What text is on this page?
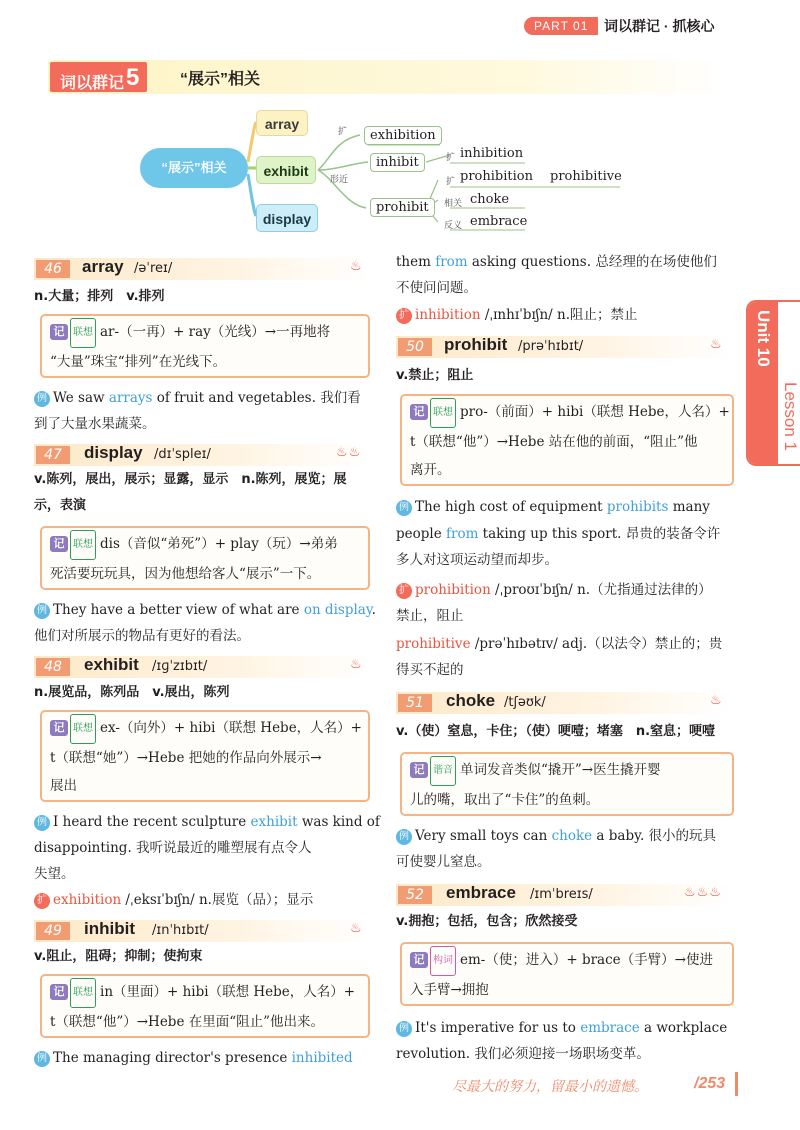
PART 01	词以群记 · 抓核心
词以群记5	“展示”相关
“展示”相关
array
exhibit
display
扩	exhibition
形近
inhibit	扩 inhibition
prohibit
扩 prohibition prohibitive
相关 choke
反义 embrace
Unit 10
Lesson 1
46	array /əˈreɪ/	♨
n.大量；排列　v.排列
记 联想 ar-（一再）+ ray（光线）→一再地将
“大量”珠宝“排列”在光线下。
例 We saw arrays of fruit and vegetables. 我们看
到了大量水果蔬菜。
47	display /dɪˈspleɪ/	♨♨
v.陈列，展出，展示；显露，显示　n.陈列，展览；展
示，表演
记 联想 dis（音似“弟死”）+ play（玩）→弟弟
死活要玩玩具，因为他想给客人“展示”一下。
例 They have a better view of what are on display.
他们对所展示的物品有更好的看法。
48	exhibit /ɪɡˈzɪbɪt/	♨
n.展览品，陈列品　v.展出，陈列
记 联想 ex-（向外）+ hibi（联想 Hebe，人名）+
t（联想“她”）→Hebe 把她的作品向外展示→
展出
例 I heard the recent sculpture exhibit was kind of
disappointing. 我听说最近的雕塑展有点令人
失望。
扩 exhibition /ˌeksɪˈbɪʃn/ n.展览（品）；显示
49	inhibit /ɪnˈhɪbɪt/	♨
v.阻止，阻碍；抑制；使拘束
记 联想 in（里面）+ hibi（联想 Hebe，人名）+
t（联想“他”）→Hebe 在里面“阻止”他出来。
例 The managing director's presence inhibited
them from asking questions. 总经理的在场使他们
不使问问题。
扩 inhibition /ˌɪnhɪˈbɪʃn/ n.阻止；禁止
50	prohibit /prəˈhɪbɪt/	♨
v.禁止；阻止
记 联想 pro-（前面）+ hibi（联想 Hebe，人名）+
t（联想“他”）→Hebe 站在他的前面，“阻止”他
离开。
例 The high cost of equipment prohibits many
people from taking up this sport. 昂贵的装备令许
多人对这项运动望而却步。
扩 prohibition /ˌproʊɪˈbɪʃn/ n.（尤指通过法律的）
禁止，阻止
prohibitive /prəˈhɪbətɪv/ adj.（以法令）禁止的；贵
得买不起的
51	choke /tʃəʊk/	♨
v.（使）窒息，卡住；（使）哽噎；堵塞　n.窒息；哽噎
记 谐音 单词发音类似“撬开”→医生撬开婴
儿的嘴，取出了“卡住”的鱼刺。
例 Very small toys can choke a baby. 很小的玩具
可使婴儿窒息。
52	embrace /ɪmˈbreɪs/	♨♨♨
v.拥抱；包括，包含；欣然接受
记 构词 em-（使；进入）+ brace（手臂）→使进
入手臂→拥抱
例 It's imperative for us to embrace a workplace
revolution. 我们必须迎接一场职场变革。
尽最大的努力，留最小的遗憾。	/253
